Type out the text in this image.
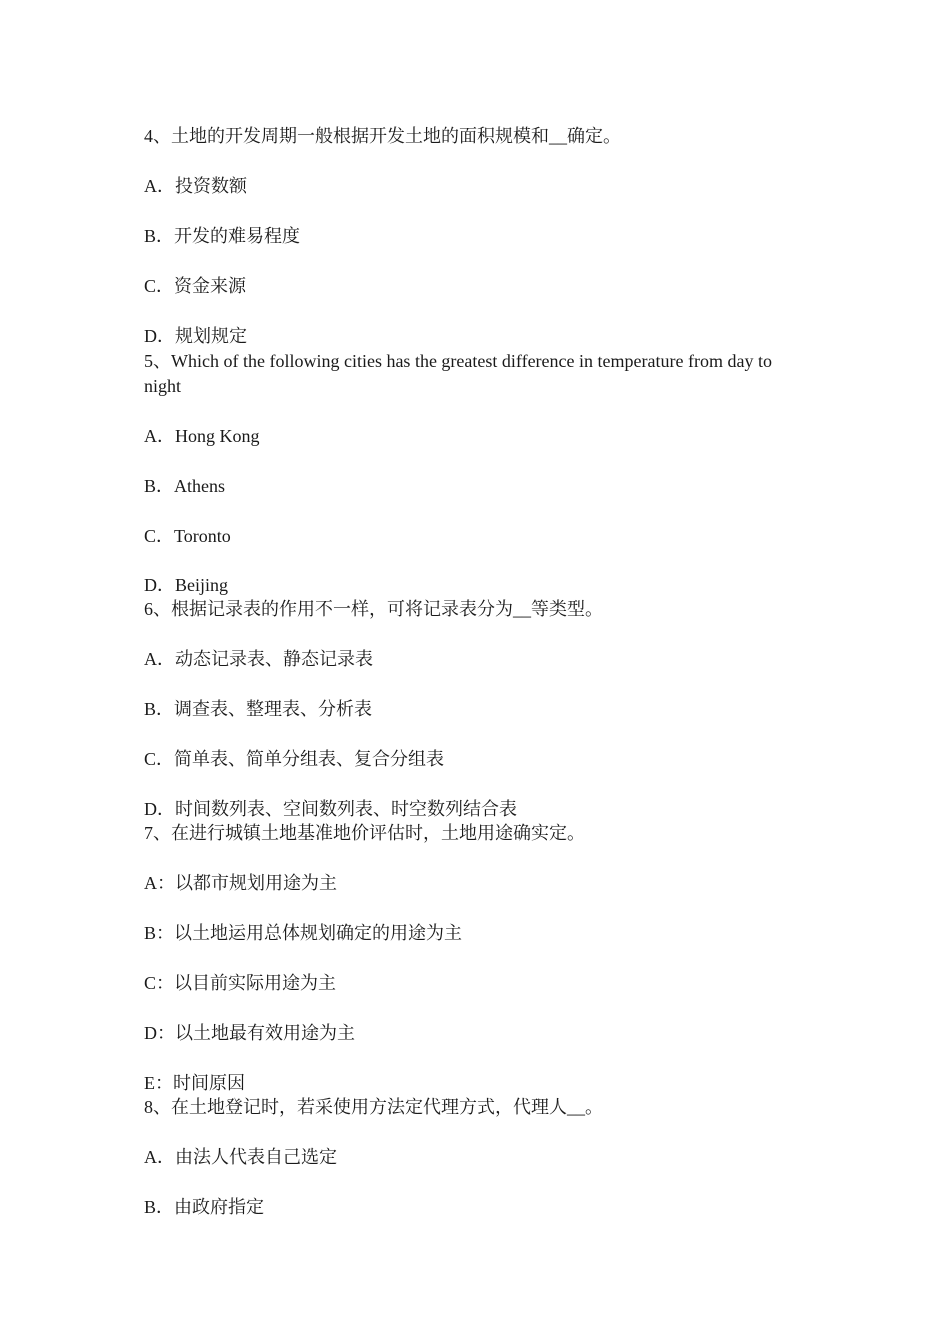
4、土地的开发周期一般根据开发土地的面积规模和__确定。
A．投资数额
B．开发的难易程度
C．资金来源
D．规划规定
5、Which of the following cities has the greatest difference in temperature from day to night
A．Hong Kong
B．Athens
C．Toronto
D．Beijing
6、根据记录表的作用不一样，可将记录表分为__等类型。
A．动态记录表、静态记录表
B．调查表、整理表、分析表
C．简单表、简单分组表、复合分组表
D．时间数列表、空间数列表、时空数列结合表
7、在进行城镇土地基准地价评估时，土地用途确实定。
A：以都市规划用途为主
B：以土地运用总体规划确定的用途为主
C：以目前实际用途为主
D：以土地最有效用途为主
E：时间原因
8、在土地登记时，若采使用方法定代理方式，代理人__。
A．由法人代表自己选定
B．由政府指定
